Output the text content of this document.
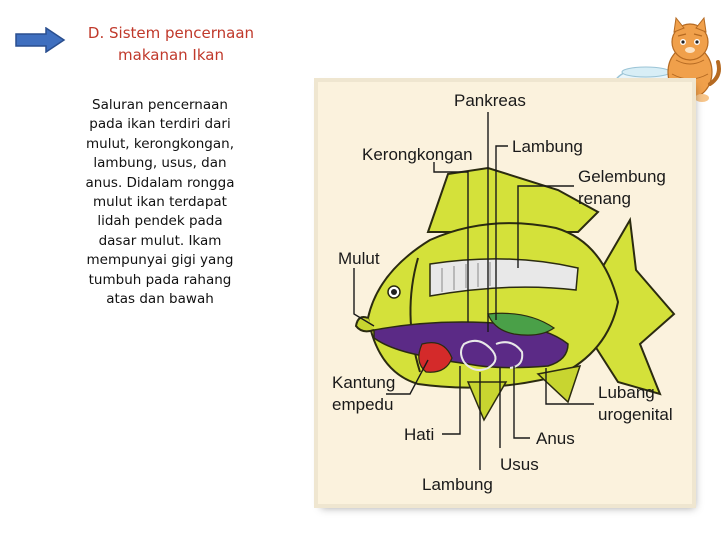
D. Sistem pencernaan
makanan Ikan
Saluran pencernaan
pada ikan terdiri dari
mulut, kerongkongan,
lambung, usus, dan
anus. Didalam rongga
mulut ikan terdapat
lidah pendek pada
dasar mulut. Ikam
mempunyai gigi yang
tumbuh pada rahang
atas dan bawah
Pankreas
Lambung
Kerongkongan
Gelembung
renang
Mulut
Kantung
empedu
Hati
Usus
Anus
Lubang
urogenital
Lambung
